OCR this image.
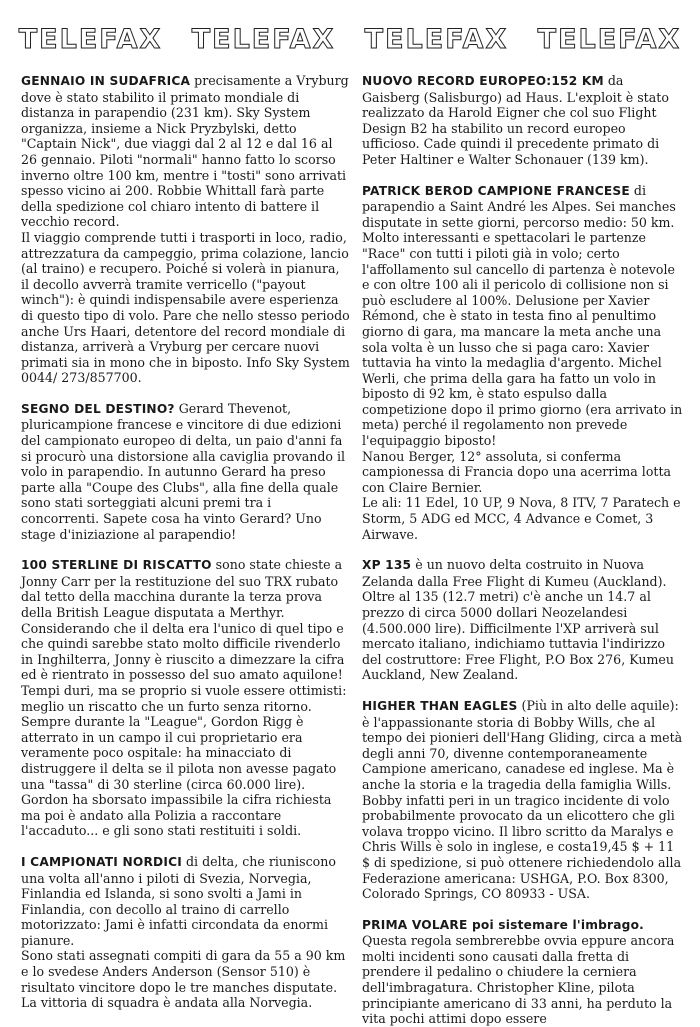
TELEFAX TELEFAX TELEFAX TELEFAX

GENNAIO IN SUDAFRICA precisamente a Vryburg dove è stato stabilito il primato mondiale di distanza in parapendio (231 km). Sky System organizza, insieme a Nick Pryzbylski, detto "Captain Nick", due viaggi dal 2 al 12 e dal 16 al 26 gennaio. Piloti "normali" hanno fatto lo scorso inverno oltre 100 km, mentre i "tosti" sono arrivati spesso vicino ai 200. Robbie Whittall farà parte della spedizione col chiaro intento di battere il vecchio record.

Il viaggio comprende tutti i trasporti in loco, radio, attrezzatura da campeggio, prima colazione, lancio (al traino) e recupero. Poiché si volerà in pianura, il decollo avverrà tramite verricello ("payout winch"): è quindi indispensabile avere esperienza di questo tipo di volo. Pare che nello stesso periodo anche Urs Haari, detentore del record mondiale di distanza, arriverà a Vryburg per cercare nuovi primati sia in mono che in biposto. Info Sky System 0044/ 273/857700.

SEGNO DEL DESTINO? Gerard Thevenot, pluricampione francese e vincitore di due edizioni del campionato europeo di delta, un paio d'anni fa si procurò una distorsione alla caviglia provando il volo in parapendio. In autunno Gerard ha preso parte alla "Coupe des Clubs", alla fine della quale sono stati sorteggiati alcuni premi tra i concorrenti. Sapete cosa ha vinto Gerard? Uno stage d'iniziazione al parapendio!

100 STERLINE DI RISCATTO sono state chieste a Jonny Carr per la restituzione del suo TRX rubato dal tetto della macchina durante la terza prova della British League disputata a Merthyr. Considerando che il delta era l'unico di quel tipo e che quindi sarebbe stato molto difficile rivenderlo in Inghilterra, Jonny è riuscito a dimezzare la cifra ed è rientrato in possesso del suo amato aquilone! Tempi duri, ma se proprio si vuole essere ottimisti: meglio un riscatto che un furto senza ritorno.

Sempre durante la "League", Gordon Rigg è atterrato in un campo il cui proprietario era veramente poco ospitale: ha minacciato di distruggere il delta se il pilota non avesse pagato una "tassa" di 30 sterline (circa 60.000 lire). Gordon ha sborsato impassibile la cifra richiesta ma poi è andato alla Polizia a raccontare l'accaduto... e gli sono stati restituiti i soldi.

I CAMPIONATI NORDICI di delta, che riuniscono una volta all'anno i piloti di Svezia, Norvegia, Finlandia ed Islanda, si sono svolti a Jami in Finlandia, con decollo al traino di carrello motorizzato: Jami è infatti circondata da enormi pianure.

Sono stati assegnati compiti di gara da 55 a 90 km e lo svedese Anders Anderson (Sensor 510) è risultato vincitore dopo le tre manches disputate. La vittoria di squadra è andata alla Norvegia.

NUOVO RECORD EUROPEO:152 KM da Gaisberg (Salisburgo) ad Haus. L'exploit è stato realizzato da Harold Eigner che col suo Flight Design B2 ha stabilito un record europeo ufficioso. Cade quindi il precedente primato di Peter Haltiner e Walter Schonauer (139 km).

PATRICK BEROD CAMPIONE FRANCESE di parapendio a Saint André les Alpes. Sei manches disputate in sette giorni, percorso medio: 50 km. Molto interessanti e spettacolari le partenze "Race" con tutti i piloti già in volo; certo l'affollamento sul cancello di partenza è notevole e con oltre 100 ali il pericolo di collisione non si può escludere al 100%. Delusione per Xavier Rémond, che è stato in testa fino al penultimo giorno di gara, ma mancare la meta anche una sola volta è un lusso che si paga caro: Xavier tuttavia ha vinto la medaglia d'argento. Michel Werli, che prima della gara ha fatto un volo in biposto di 92 km, è stato espulso dalla competizione dopo il primo giorno (era arrivato in meta) perché il regolamento non prevede l'equipaggio biposto!

Nanou Berger, 12° assoluta, si conferma campionessa di Francia dopo una acerrima lotta con Claire Bernier.

Le ali: 11 Edel, 10 UP, 9 Nova, 8 ITV, 7 Paratech e Storm, 5 ADG ed MCC, 4 Advance e Comet, 3 Airwave.

XP 135 è un nuovo delta costruito in Nuova Zelanda dalla Free Flight di Kumeu (Auckland). Oltre al 135 (12.7 metri) c'è anche un 14.7 al prezzo di circa 5000 dollari Neozelandesi (4.500.000 lire). Difficilmente l'XP arriverà sul mercato italiano, indichiamo tuttavia l'indirizzo del costruttore: Free Flight, P.O Box 276, Kumeu Auckland, New Zealand.

HIGHER THAN EAGLES (Più in alto delle aquile): è l'appassionante storia di Bobby Wills, che al tempo dei pionieri dell'Hang Gliding, circa a metà degli anni 70, divenne contemporaneamente Campione americano, canadese ed inglese. Ma è anche la storia e la tragedia della famiglia Wills. Bobby infatti peri in un tragico incidente di volo probabilmente provocato da un elicottero che gli volava troppo vicino. Il libro scritto da Maralys e Chris Wills è solo in inglese, e costa19,45 $ + 11 $ di spedizione, si può ottenere richiedendolo alla Federazione americana: USHGA, P.O. Box 8300, Colorado Springs, CO 80933 - USA.

PRIMA VOLARE poi sistemare l'imbrago. Questa regola sembrerebbe ovvia eppure ancora molti incidenti sono causati dalla fretta di prendere il pedalino o chiudere la cerniera dell'imbragatura. Christopher Kline, pilota principiante americano di 33 anni, ha perduto la vita pochi attimi dopo essere
